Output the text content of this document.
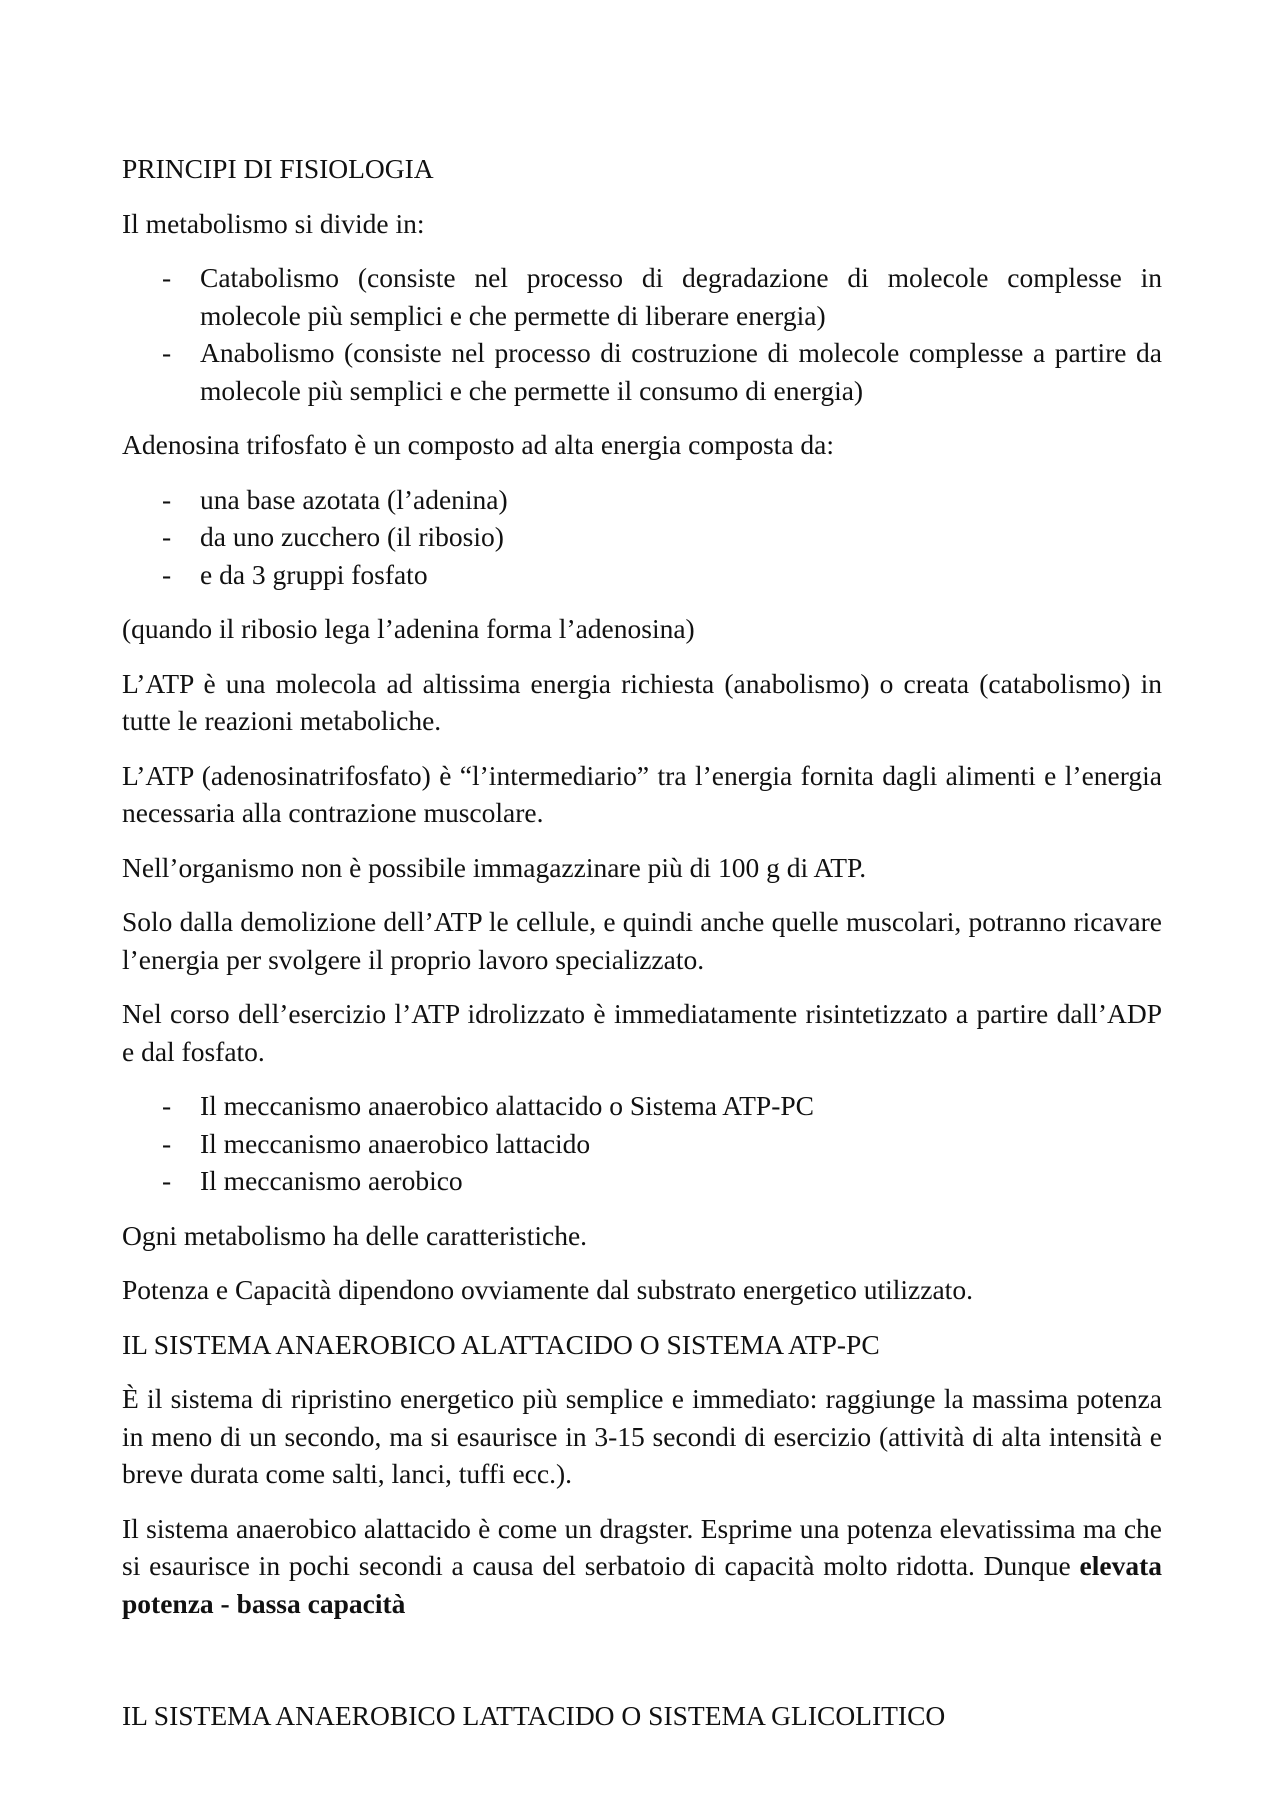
PRINCIPI DI FISIOLOGIA
Il metabolismo si divide in:
- Catabolismo (consiste nel processo di degradazione di molecole complesse in molecole più semplici e che permette di liberare energia)
- Anabolismo (consiste nel processo di costruzione di molecole complesse a partire da molecole più semplici e che permette il consumo di energia)
Adenosina trifosfato è un composto ad alta energia composta da:
- una base azotata (l’adenina)
- da uno zucchero (il ribosio)
- e da 3 gruppi fosfato
(quando il ribosio lega l’adenina forma l’adenosina)
L’ATP è una molecola ad altissima energia richiesta (anabolismo) o creata (catabolismo) in tutte le reazioni metaboliche.
L’ATP (adenosinatrifosfato) è “l’intermediario” tra l’energia fornita dagli alimenti e l’energia necessaria alla contrazione muscolare.
Nell’organismo non è possibile immagazzinare più di 100 g di ATP.
Solo dalla demolizione dell’ATP le cellule, e quindi anche quelle muscolari, potranno ricavare l’energia per svolgere il proprio lavoro specializzato.
Nel corso dell’esercizio l’ATP idrolizzato è immediatamente risintetizzato a partire dall’ADP e dal fosfato.
- Il meccanismo anaerobico alattacido o Sistema ATP-PC
- Il meccanismo anaerobico lattacido
- Il meccanismo aerobico
Ogni metabolismo ha delle caratteristiche.
Potenza e Capacità dipendono ovviamente dal substrato energetico utilizzato.
IL SISTEMA ANAEROBICO ALATTACIDO O SISTEMA ATP-PC
È il sistema di ripristino energetico più semplice e immediato: raggiunge la massima potenza in meno di un secondo, ma si esaurisce in 3-15 secondi di esercizio (attività di alta intensità e breve durata come salti, lanci, tuffi ecc.).
Il sistema anaerobico alattacido è come un dragster. Esprime una potenza elevatissima ma che si esaurisce in pochi secondi a causa del serbatoio di capacità molto ridotta. Dunque elevata potenza - bassa capacità
IL SISTEMA ANAEROBICO LATTACIDO O SISTEMA GLICOLITICO
